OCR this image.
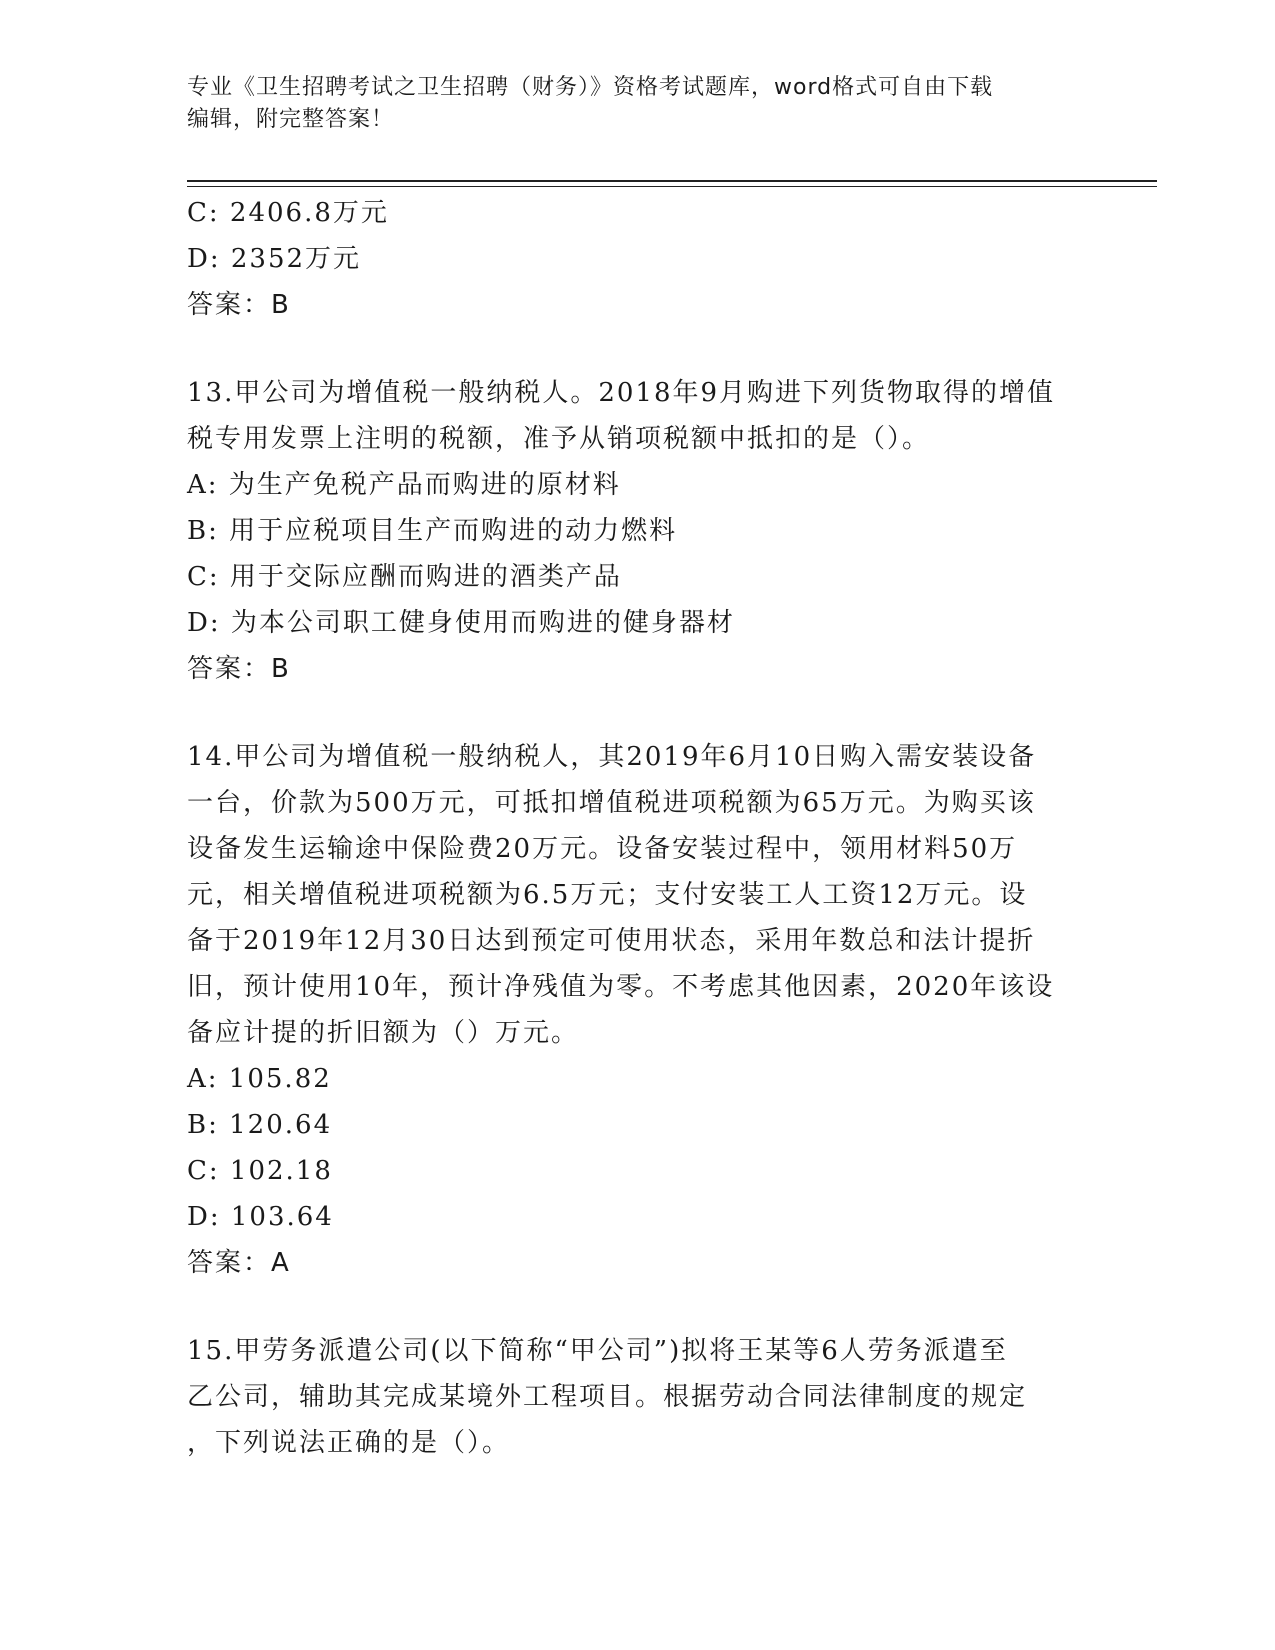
专业《卫生招聘考试之卫生招聘（财务）》资格考试题库，word格式可自由下载
编辑，附完整答案！
C: 2406.8万元
D: 2352万元
答案：B
13.甲公司为增值税一般纳税人。2018年9月购进下列货物取得的增值
税专用发票上注明的税额，准予从销项税额中抵扣的是（）。
A: 为生产免税产品而购进的原材料
B: 用于应税项目生产而购进的动力燃料
C: 用于交际应酬而购进的酒类产品
D: 为本公司职工健身使用而购进的健身器材
答案：B
14.甲公司为增值税一般纳税人，其2019年6月10日购入需安装设备
一台，价款为500万元，可抵扣增值税进项税额为65万元。为购买该
设备发生运输途中保险费20万元。设备安装过程中，领用材料50万
元，相关增值税进项税额为6.5万元；支付安装工人工资12万元。设
备于2019年12月30日达到预定可使用状态，采用年数总和法计提折
旧，预计使用10年，预计净残值为零。不考虑其他因素，2020年该设
备应计提的折旧额为（）万元。
A: 105.82
B: 120.64
C: 102.18
D: 103.64
答案：A
15.甲劳务派遣公司(以下简称“甲公司”)拟将王某等6人劳务派遣至
乙公司，辅助其完成某境外工程项目。根据劳动合同法律制度的规定
，下列说法正确的是（）。
